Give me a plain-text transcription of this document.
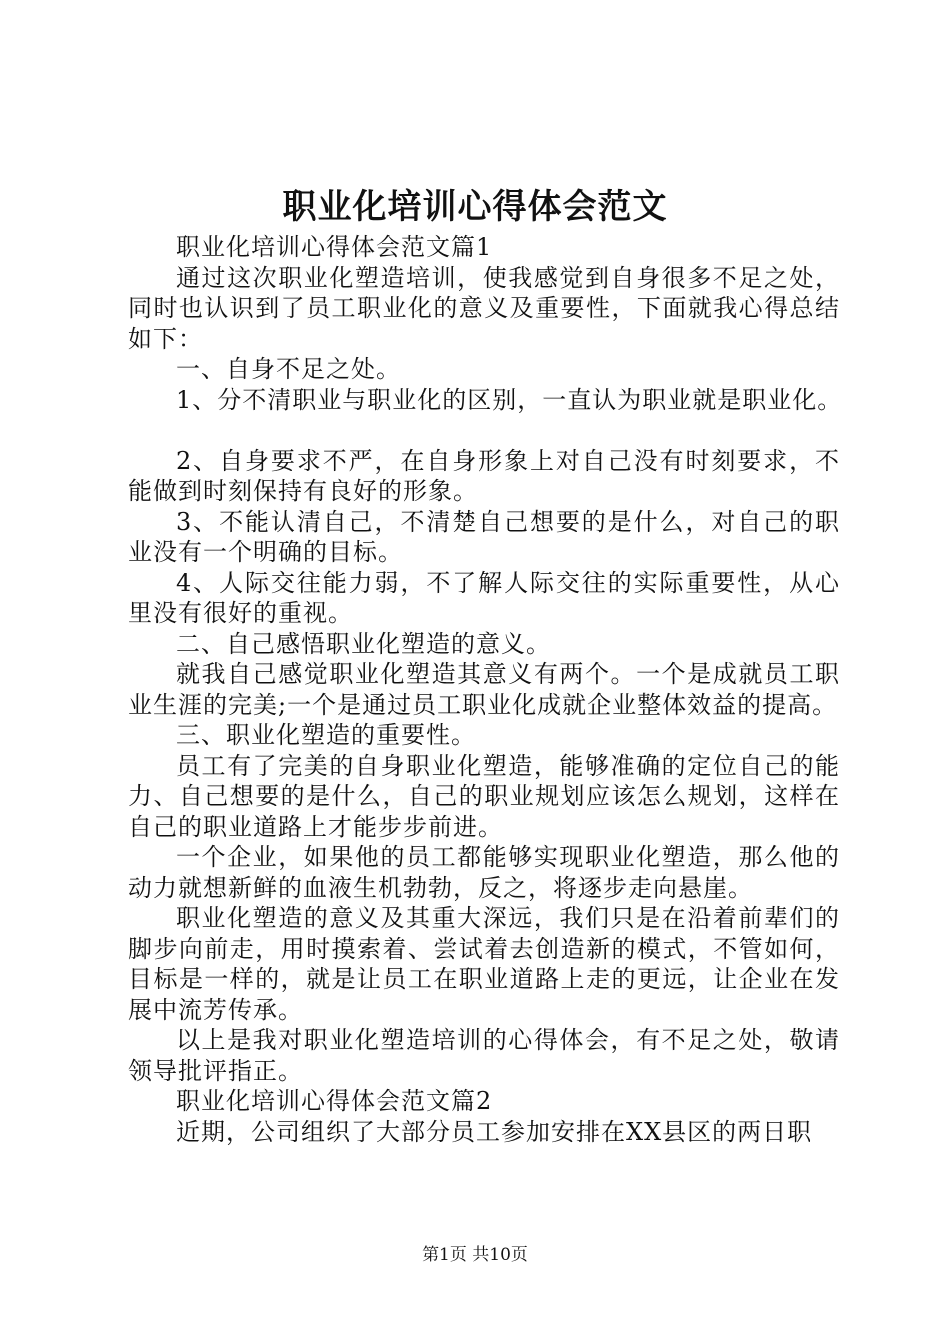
职业化培训心得体会范文

职业化培训心得体会范文篇1

通过这次职业化塑造培训，使我感觉到自身很多不足之处，同时也认识到了员工职业化的意义及重要性，下面就我心得总结如下：

一、自身不足之处。

1、分不清职业与职业化的区别，一直认为职业就是职业化。

2、自身要求不严，在自身形象上对自己没有时刻要求，不能做到时刻保持有良好的形象。

3、不能认清自己，不清楚自己想要的是什么，对自己的职业没有一个明确的目标。

4、人际交往能力弱，不了解人际交往的实际重要性，从心里没有很好的重视。

二、自己感悟职业化塑造的意义。

就我自己感觉职业化塑造其意义有两个。一个是成就员工职业生涯的完美;一个是通过员工职业化成就企业整体效益的提高。

三、职业化塑造的重要性。

员工有了完美的自身职业化塑造，能够准确的定位自己的能力、自己想要的是什么，自己的职业规划应该怎么规划，这样在自己的职业道路上才能步步前进。

一个企业，如果他的员工都能够实现职业化塑造，那么他的动力就想新鲜的血液生机勃勃，反之，将逐步走向悬崖。

职业化塑造的意义及其重大深远，我们只是在沿着前辈们的脚步向前走，用时摸索着、尝试着去创造新的模式，不管如何，目标是一样的，就是让员工在职业道路上走的更远，让企业在发展中流芳传承。

以上是我对职业化塑造培训的心得体会，有不足之处，敬请领导批评指正。

职业化培训心得体会范文篇2

近期，公司组织了大部分员工参加安排在XX县区的两日职

第1页 共10页
